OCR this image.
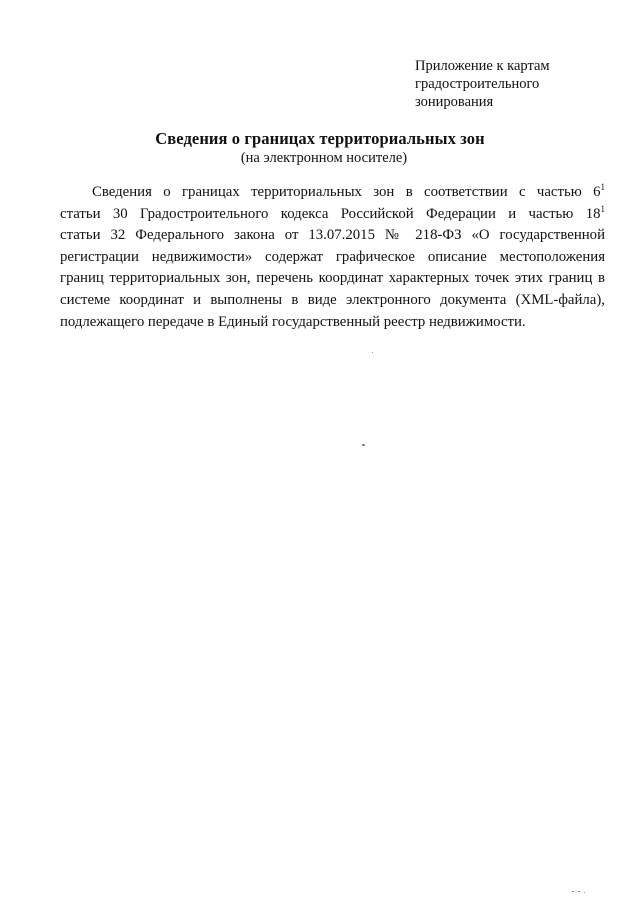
Приложение к картам
градостроительного
зонирования
Сведения о границах территориальных зон
(на электронном носителе)
Сведения о границах территориальных зон в соответствии с частью $6^1$
статьи 30 Градостроительного кодекса Российской Федерации и частью $18^1$
статьи 32 Федерального закона от 13.07.2015 № 218-ФЗ «О государственной
регистрации недвижимости» содержат графическое описание местоположения
границ территориальных зон, перечень координат характерных точек этих границ в
системе координат и выполнены в виде электронного документа (XML-файла),
подлежащего передаче в Единый государственный реестр недвижимости.
